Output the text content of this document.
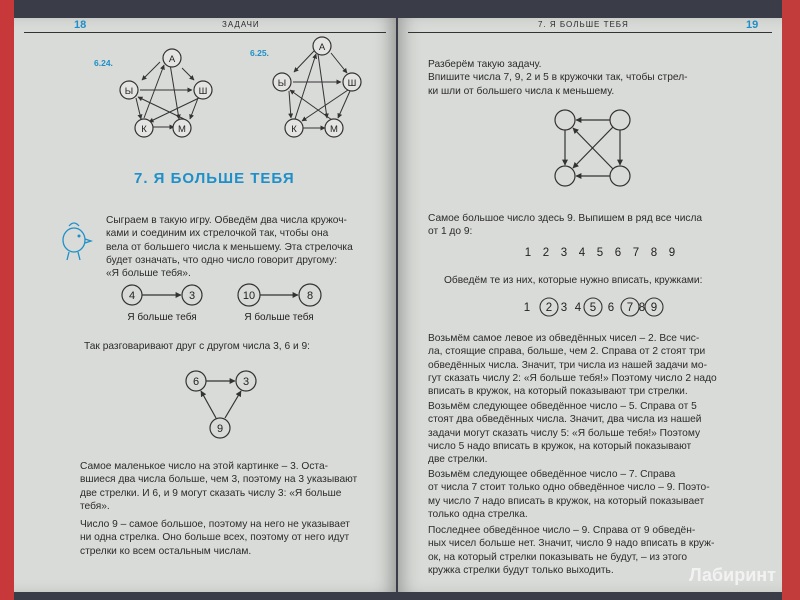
18	ЗАДАЧИ
6.24.
6.25.
А
Ы	Ш
К	М
А
Ы	Ш
К	М
7. Я БОЛЬШЕ ТЕБЯ
Сыграем в такую игру. Обведём два числа кружоч-
ками и соединим их стрелочкой так, чтобы она
вела от большего числа к меньшему. Эта стрелочка
будет означать, что одно число говорит другому:
«Я больше тебя».
4	3	10	8
Я больше тебя	Я больше тебя
Так разговаривают друг с другом числа 3, 6 и 9:
6	3
9
Самое маленькое число на этой картинке – 3. Оста-
вшиеся два числа больше, чем 3, поэтому на 3 указывают
две стрелки. И 6, и 9 могут сказать числу 3: «Я больше
тебя».
Число 9 – самое большое, поэтому на него не указывает
ни одна стрелка. Оно больше всех, поэтому от него идут
стрелки ко всем остальным числам.
7. Я БОЛЬШЕ ТЕБЯ	19
Разберём такую задачу.
Впишите числа 7, 9, 2 и 5 в кружочки так, чтобы стрел-
ки шли от большего числа к меньшему.
Самое большое число здесь 9. Выпишем в ряд все числа
от 1 до 9:
1 2 3 4 5 6 7 8 9
Обведём те из них, которые нужно вписать, кружками:
1 2 3 4 5 6 7 8 9
Возьмём самое левое из обведённых чисел – 2. Все чис-
ла, стоящие справа, больше, чем 2. Справа от 2 стоят три
обведённых числа. Значит, три числа из нашей задачи мо-
гут сказать числу 2: «Я больше тебя!» Поэтому число 2 надо
вписать в кружок, на который показывают три стрелки.
Возьмём следующее обведённое число – 5. Справа от 5
стоят два обведённых числа. Значит, два числа из нашей
задачи могут сказать числу 5: «Я больше тебя!» Поэтому
число 5 надо вписать в кружок, на который показывают
две стрелки.
Возьмём следующее обведённое число – 7. Справа
от числа 7 стоит только одно обведённое число – 9. Поэто-
му число 7 надо вписать в кружок, на который показывает
только одна стрелка.
Последнее обведённое число – 9. Справа от 9 обведён-
ных чисел больше нет. Значит, число 9 надо вписать в круж-
ок, на который стрелки показывать не будут, – из этого
кружка стрелки будут только выходить.	Лабиринт
